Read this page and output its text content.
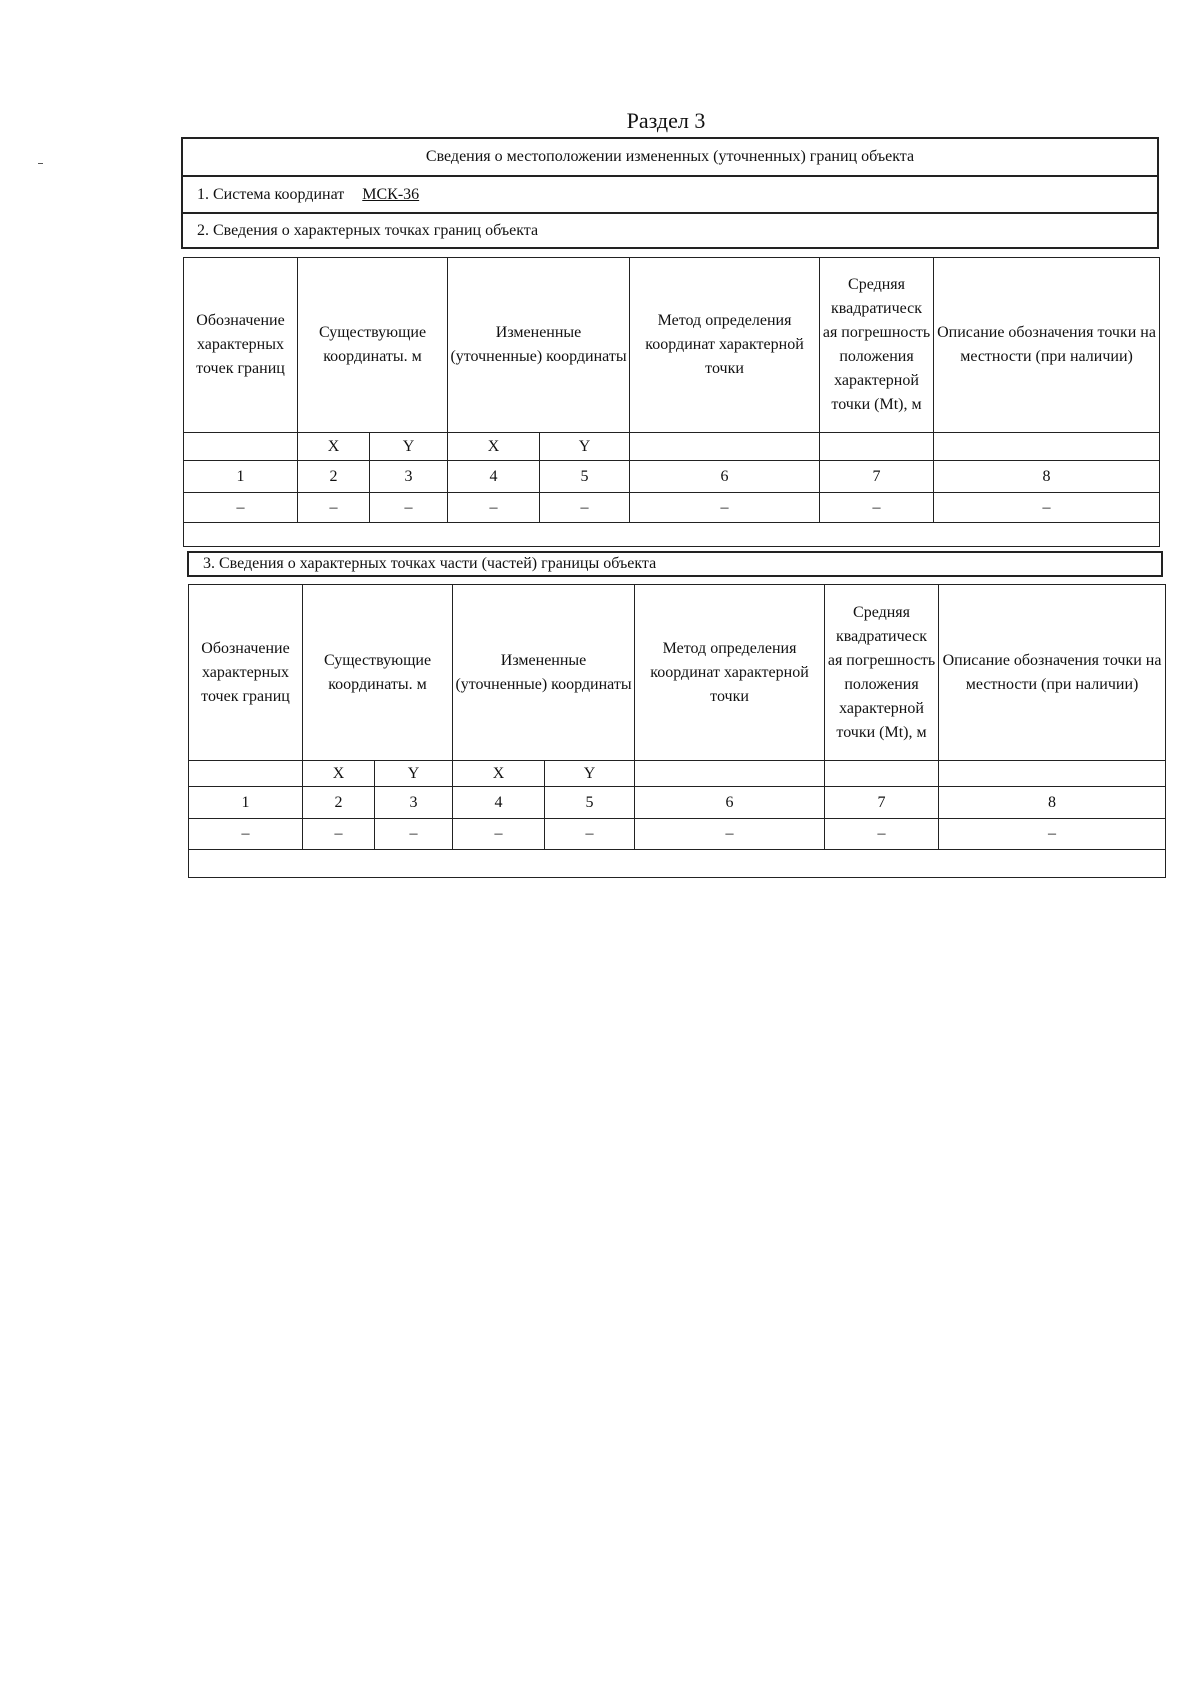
Раздел 3
Сведения о местоположении измененных (уточненных) границ объекта
1. Система координат МСК-36
2. Сведения о характерных точках границ объекта
Обозначение характерных точек границ	Существующие координаты. м		Измененные (уточненные) координаты		Метод определения координат характерной точки	Средняя квадратическ ая погрешность положения характерной точки (Mt), м	Описание обозначения точки на местности (при наличии)
	X	Y	X	Y			
1	2	3	4	5	6	7	8
–	–	–	–	–	–	–	–

3. Сведения о характерных точках части (частей) границы объекта
Обозначение характерных точек границ	Существующие координаты. м		Измененные (уточненные) координаты		Метод определения координат характерной точки	Средняя квадратическ ая погрешность положения характерной точки (Mt), м	Описание обозначения точки на местности (при наличии)
	X	Y	X	Y			
1	2	3	4	5	6	7	8
–	–	–	–	–	–	–	–
